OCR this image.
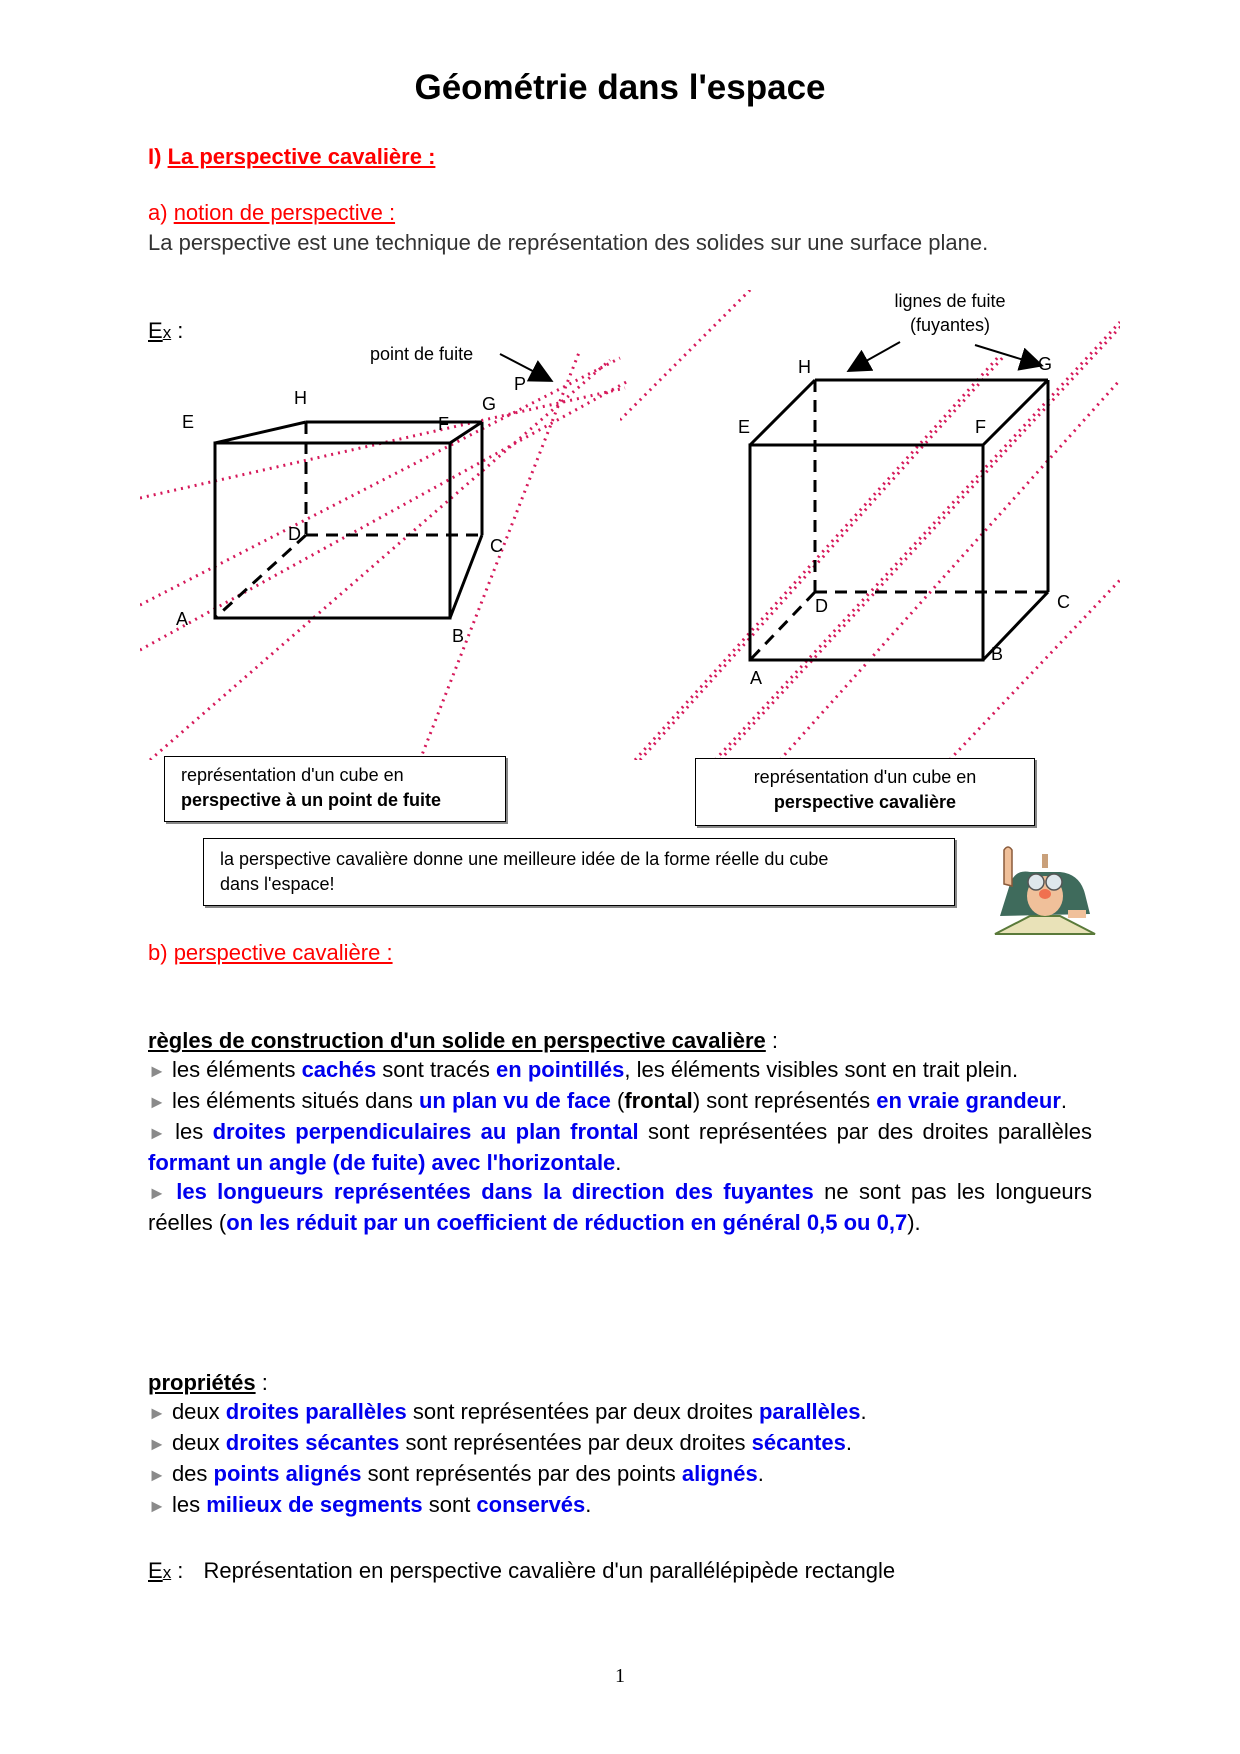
Géométrie dans l'espace
I) La perspective cavalière :
a) notion de perspective :
La perspective est une technique de représentation des solides sur une surface plane.
Ex :
A
B
C
D
E	F
G
H
P
point de fuite
A
B
C
D
E	F
G
H
lignes de fuite
(fuyantes)
représentation d'un cube en
perspective à un point de fuite
représentation d'un cube en
perspective cavalière
la perspective cavalière donne une meilleure idée de la forme réelle du cube
dans l'espace!
b) perspective cavalière :

règles de construction d'un solide en perspective cavalière :

► les éléments cachés sont tracés en pointillés, les éléments visibles sont en trait plein.

► les éléments situés dans un plan vu de face (frontal) sont représentés en vraie grandeur.

► les droites perpendiculaires au plan frontal sont représentées par des droites parallèles formant un angle (de fuite) avec l'horizontale.

► les longueurs représentées dans la direction des fuyantes ne sont pas les longueurs réelles (on les réduit par un coefficient de réduction en général 0,5 ou 0,7).

propriétés :

► deux droites parallèles sont représentées par deux droites parallèles.

► deux droites sécantes sont représentées par deux droites sécantes.

► des points alignés sont représentés par des points alignés.

► les milieux de segments sont conservés.

Ex : Représentation en perspective cavalière d'un parallélépipède rectangle
1
